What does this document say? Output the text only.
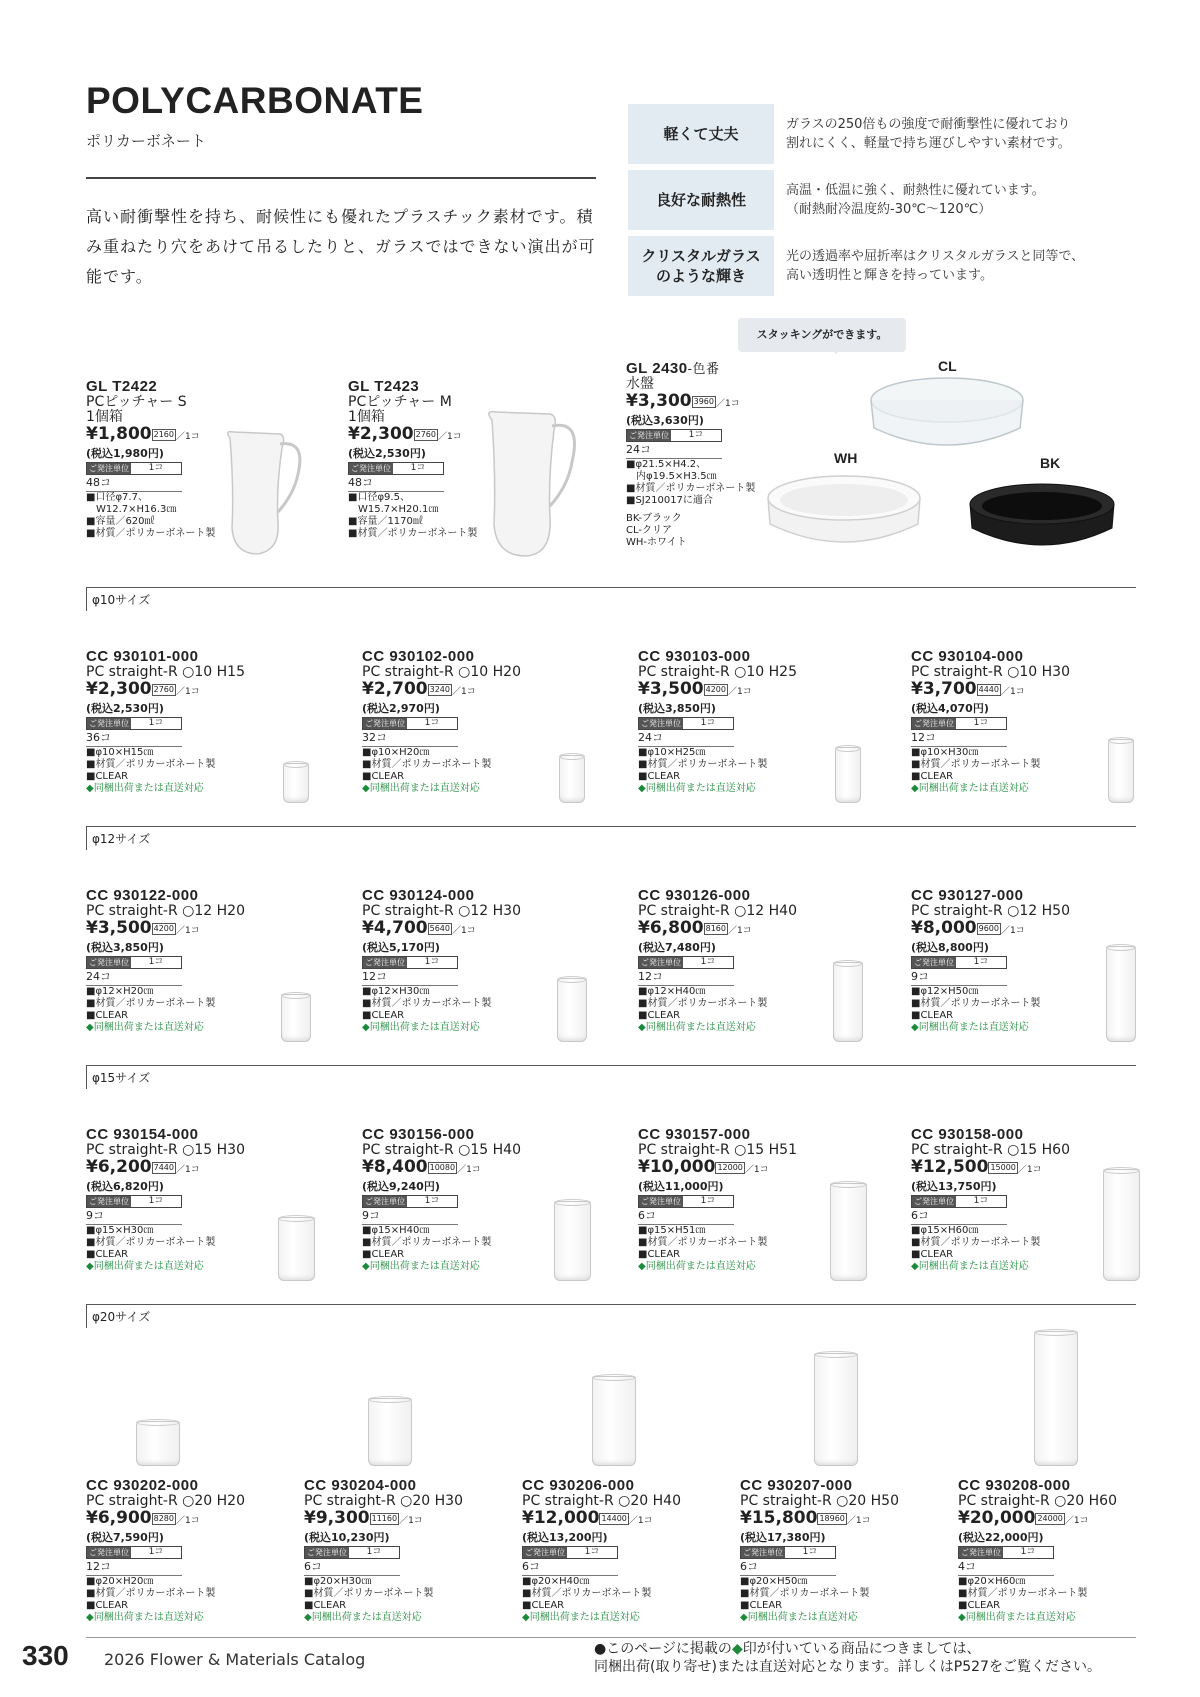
POLYCARBONATE
ポリカーボネート
高い耐衝撃性を持ち、耐候性にも優れたプラスチック素材です。積み重ねたり穴をあけて吊るしたりと、ガラスではできない演出が可能です。
軽くて丈夫
ガラスの250倍もの強度で耐衝撃性に優れており
割れにくく、軽量で持ち運びしやすい素材です。
良好な耐熱性
高温・低温に強く、耐熱性に優れています。
（耐熱耐冷温度約-30℃～120℃）
クリスタルガラス
のような輝き
光の透過率や屈折率はクリスタルガラスと同等で、
高い透明性と輝きを持っています。
GL T2422
PCピッチャー S
1個箱
¥1,800 2160 ／1コ
(税込1,980円)
ご発注単位	1コ
48コ
■口径φ7.7、
　W12.7×H16.3㎝
■容量／620㎖
■材質／ポリカーボネート製
GL T2423
PCピッチャー M
1個箱
¥2,300 2760 ／1コ
(税込2,530円)
ご発注単位	1コ
48コ
■口径φ9.5、
　W15.7×H20.1㎝
■容量／1170㎖
■材質／ポリカーボネート製
GL 2430-色番
水盤
¥3,300 3960 ／1コ
(税込3,630円)
ご発注単位	1コ
24コ
■φ21.5×H4.2、
　内φ19.5×H3.5㎝
■材質／ポリカーボネート製
■SJ210017に適合
BK-ブラック
CL-クリア
WH-ホワイト
スタッキングができます。
CL
WH	BK
φ10サイズ
CC 930101-000
PC straight-R ○10 H15
¥2,300 2760 ／1コ
(税込2,530円)
ご発注単位	1コ
36コ
■φ10×H15㎝
■材質／ポリカーボネート製
■CLEAR
◆同梱出荷または直送対応
CC 930102-000
PC straight-R ○10 H20
¥2,700 3240 ／1コ
(税込2,970円)
ご発注単位	1コ
32コ
■φ10×H20㎝
■材質／ポリカーボネート製
■CLEAR
◆同梱出荷または直送対応
CC 930103-000
PC straight-R ○10 H25
¥3,500 4200 ／1コ
(税込3,850円)
ご発注単位	1コ
24コ
■φ10×H25㎝
■材質／ポリカーボネート製
■CLEAR
◆同梱出荷または直送対応
CC 930104-000
PC straight-R ○10 H30
¥3,700 4440 ／1コ
(税込4,070円)
ご発注単位	1コ
12コ
■φ10×H30㎝
■材質／ポリカーボネート製
■CLEAR
◆同梱出荷または直送対応
φ12サイズ
CC 930122-000
PC straight-R ○12 H20
¥3,500 4200 ／1コ
(税込3,850円)
ご発注単位	1コ
24コ
■φ12×H20㎝
■材質／ポリカーボネート製
■CLEAR
◆同梱出荷または直送対応
CC 930124-000
PC straight-R ○12 H30
¥4,700 5640 ／1コ
(税込5,170円)
ご発注単位	1コ
12コ
■φ12×H30㎝
■材質／ポリカーボネート製
■CLEAR
◆同梱出荷または直送対応
CC 930126-000
PC straight-R ○12 H40
¥6,800 8160 ／1コ
(税込7,480円)
ご発注単位	1コ
12コ
■φ12×H40㎝
■材質／ポリカーボネート製
■CLEAR
◆同梱出荷または直送対応
CC 930127-000
PC straight-R ○12 H50
¥8,000 9600 ／1コ
(税込8,800円)
ご発注単位	1コ
9コ
■φ12×H50㎝
■材質／ポリカーボネート製
■CLEAR
◆同梱出荷または直送対応
φ15サイズ
CC 930154-000
PC straight-R ○15 H30
¥6,200 7440 ／1コ
(税込6,820円)
ご発注単位	1コ
9コ
■φ15×H30㎝
■材質／ポリカーボネート製
■CLEAR
◆同梱出荷または直送対応
CC 930156-000
PC straight-R ○15 H40
¥8,400 10080 ／1コ
(税込9,240円)
ご発注単位	1コ
9コ
■φ15×H40㎝
■材質／ポリカーボネート製
■CLEAR
◆同梱出荷または直送対応
CC 930157-000
PC straight-R ○15 H51
¥10,000 12000 ／1コ
(税込11,000円)
ご発注単位	1コ
6コ
■φ15×H51㎝
■材質／ポリカーボネート製
■CLEAR
◆同梱出荷または直送対応
CC 930158-000
PC straight-R ○15 H60
¥12,500 15000 ／1コ
(税込13,750円)
ご発注単位	1コ
6コ
■φ15×H60㎝
■材質／ポリカーボネート製
■CLEAR
◆同梱出荷または直送対応
φ20サイズ
CC 930202-000
PC straight-R ○20 H20
¥6,900 8280 ／1コ
(税込7,590円)
ご発注単位	1コ
12コ
■φ20×H20㎝
■材質／ポリカーボネート製
■CLEAR
◆同梱出荷または直送対応
CC 930204-000
PC straight-R ○20 H30
¥9,300 11160 ／1コ
(税込10,230円)
ご発注単位	1コ
6コ
■φ20×H30㎝
■材質／ポリカーボネート製
■CLEAR
◆同梱出荷または直送対応
CC 930206-000
PC straight-R ○20 H40
¥12,000 14400 ／1コ
(税込13,200円)
ご発注単位	1コ
6コ
■φ20×H40㎝
■材質／ポリカーボネート製
■CLEAR
◆同梱出荷または直送対応
CC 930207-000
PC straight-R ○20 H50
¥15,800 18960 ／1コ
(税込17,380円)
ご発注単位	1コ
6コ
■φ20×H50㎝
■材質／ポリカーボネート製
■CLEAR
◆同梱出荷または直送対応
CC 930208-000
PC straight-R ○20 H60
¥20,000 24000 ／1コ
(税込22,000円)
ご発注単位	1コ
4コ
■φ20×H60㎝
■材質／ポリカーボネート製
■CLEAR
◆同梱出荷または直送対応
330 2026 Flower & Materials Catalog
●このページに掲載の◆印が付いている商品につきましては、
同梱出荷(取り寄せ)または直送対応となります。詳しくはP527をご覧ください。
